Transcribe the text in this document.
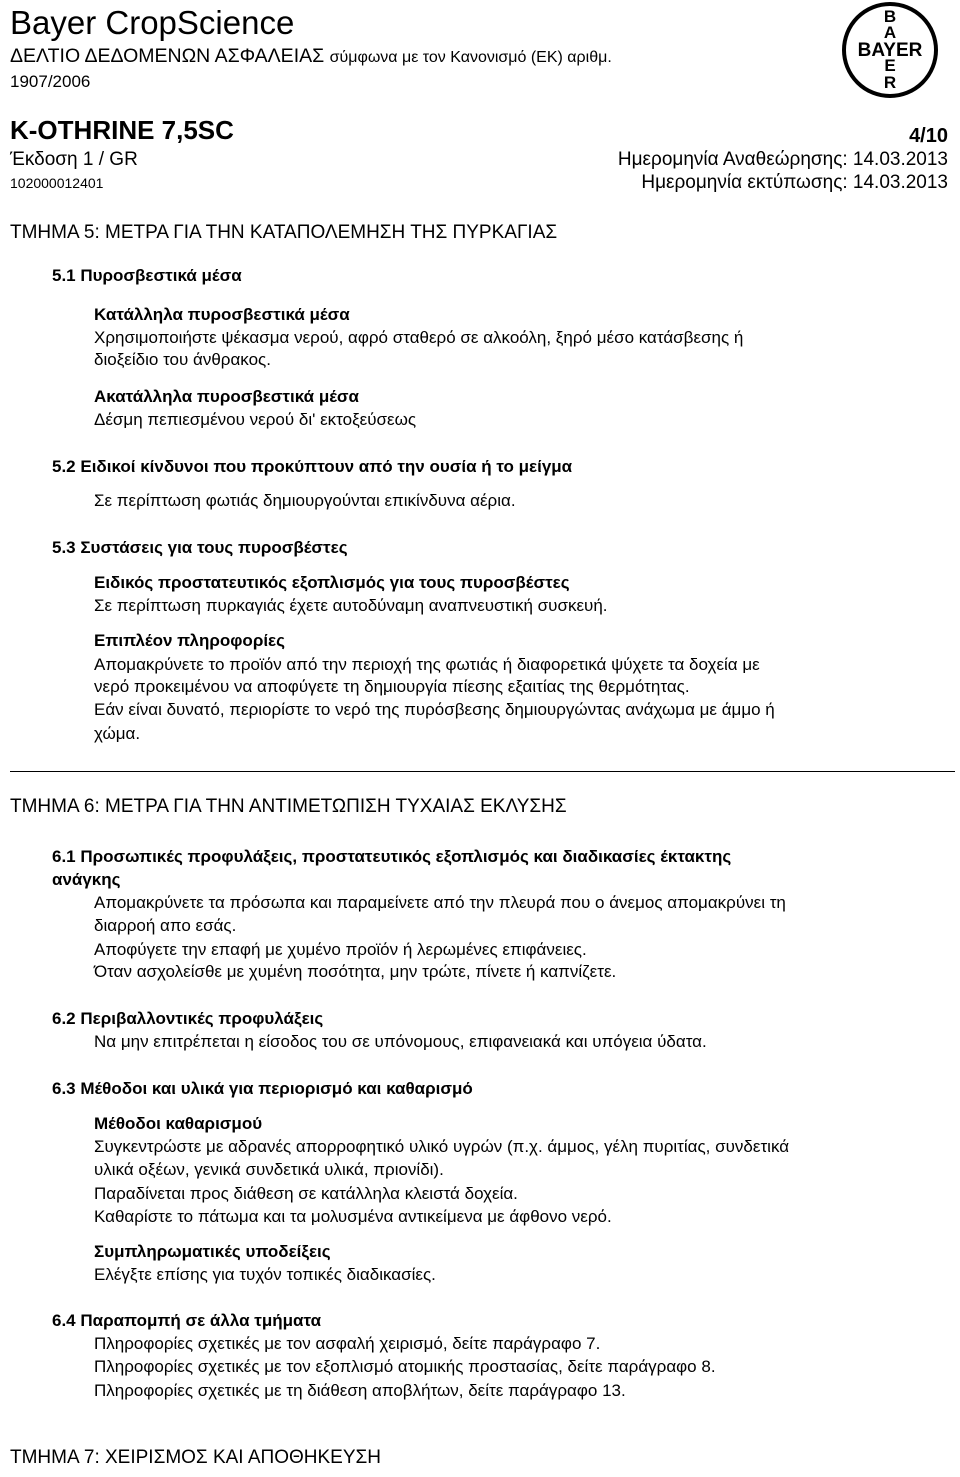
Bayer CropScience
ΔΕΛΤΙΟ ΔΕΔΟΜΕΝΩΝ ΑΣΦΑΛΕΙΑΣ σύμφωνα με τον Κανονισμό (ΕΚ) αριθμ.
1907/2006
K-OTHRINE 7,5SC	4/10
Έκδοση 1 / GR	Ημερομηνία Αναθεώρησης: 14.03.2013
102000012401	Ημερομηνία εκτύπωσης: 14.03.2013
B
A
E
R
BAYER
ΤΜΗΜΑ 5: ΜΕΤΡΑ ΓΙΑ ΤΗΝ ΚΑΤΑΠΟΛΕΜΗΣΗ ΤΗΣ ΠΥΡΚΑΓΙΑΣ
5.1 Πυροσβεστικά μέσα
Κατάλληλα πυροσβεστικά μέσα
Χρησιμοποιήστε ψέκασμα νερού, αφρό σταθερό σε αλκοόλη, ξηρό μέσο κατάσβεσης ή
διοξείδιο του άνθρακος.
Ακατάλληλα πυροσβεστικά μέσα
Δέσμη πεπιεσμένου νερού δι' εκτοξεύσεως
5.2 Ειδικοί κίνδυνοι που προκύπτουν από την ουσία ή το μείγμα
Σε περίπτωση φωτιάς δημιουργούνται επικίνδυνα αέρια.
5.3 Συστάσεις για τους πυροσβέστες
Ειδικός προστατευτικός εξοπλισμός για τους πυροσβέστες
Σε περίπτωση πυρκαγιάς έχετε αυτοδύναμη αναπνευστική συσκευή.
Επιπλέον πληροφορίες
Απομακρύνετε το προϊόν από την περιοχή της φωτιάς ή διαφορετικά ψύχετε τα δοχεία με
νερό προκειμένου να αποφύγετε τη δημιουργία πίεσης εξαιτίας της θερμότητας.
Εάν είναι δυνατό, περιορίστε το νερό της πυρόσβεσης δημιουργώντας ανάχωμα με άμμο ή
χώμα.
ΤΜΗΜΑ 6: ΜΕΤΡΑ ΓΙΑ ΤΗΝ ΑΝΤΙΜΕΤΩΠΙΣΗ ΤΥΧΑΙΑΣ ΕΚΛΥΣΗΣ
6.1 Προσωπικές προφυλάξεις, προστατευτικός εξοπλισμός και διαδικασίες έκτακτης
ανάγκης
Απομακρύνετε τα πρόσωπα και παραμείνετε από την πλευρά που ο άνεμος απομακρύνει τη
διαρροή απο εσάς.
Αποφύγετε την επαφή με χυμένο προϊόν ή λερωμένες επιφάνειες.
Όταν ασχολείσθε με χυμένη ποσότητα, μην τρώτε, πίνετε ή καπνίζετε.
6.2 Περιβαλλοντικές προφυλάξεις
Να μην επιτρέπεται η είσοδος του σε υπόνομους, επιφανειακά και υπόγεια ύδατα.
6.3 Μέθοδοι και υλικά για περιορισμό και καθαρισμό
Μέθοδοι καθαρισμού
Συγκεντρώστε με αδρανές απορροφητικό υλικό υγρών (π.χ. άμμος, γέλη πυριτίας, συνδετικά
υλικά οξέων, γενικά συνδετικά υλικά, πριονίδι).
Παραδίνεται προς διάθεση σε κατάλληλα κλειστά δοχεία.
Καθαρίστε το πάτωμα και τα μολυσμένα αντικείμενα με άφθονο νερό.
Συμπληρωματικές υποδείξεις
Ελέγξτε επίσης για τυχόν τοπικές διαδικασίες.
6.4 Παραπομπή σε άλλα τμήματα
Πληροφορίες σχετικές με τον ασφαλή χειρισμό, δείτε παράγραφο 7.
Πληροφορίες σχετικές με τον εξοπλισμό ατομικής προστασίας, δείτε παράγραφο 8.
Πληροφορίες σχετικές με τη διάθεση αποβλήτων, δείτε παράγραφο 13.
ΤΜΗΜΑ 7: ΧΕΙΡΙΣΜΟΣ ΚΑΙ ΑΠΟΘΗΚΕΥΣΗ
